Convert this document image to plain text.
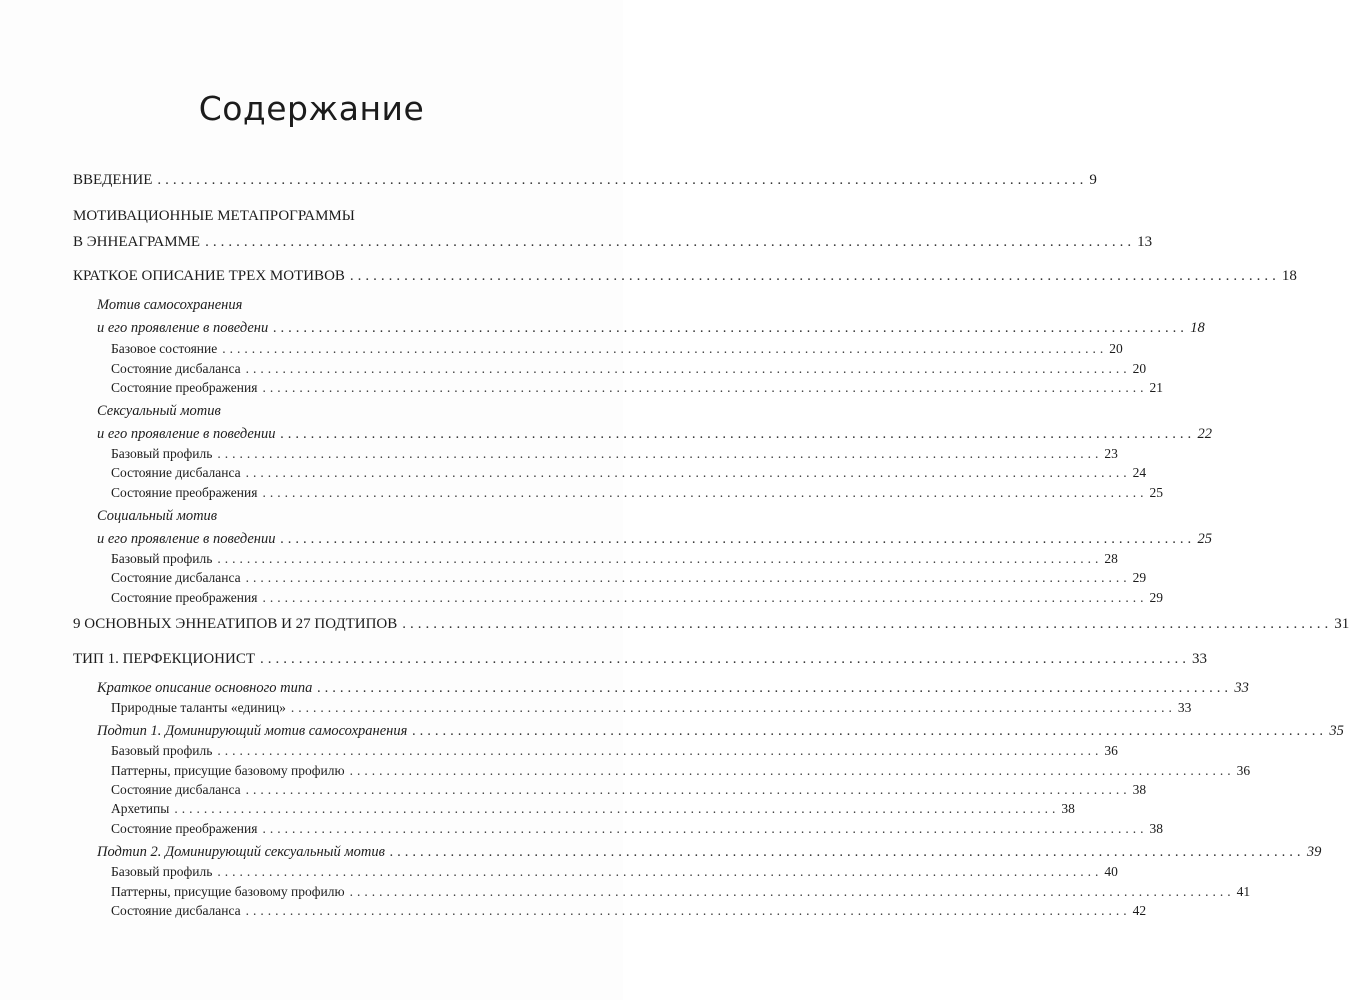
Содержание
ВВЕДЕНИЕ ........................................................................................................................ 9
МОТИВАЦИОННЫЕ МЕТАПРОГРАММЫ
В ЭННЕАГРАММЕ ........................................................................................................................ 13
КРАТКОЕ ОПИСАНИЕ ТРЕХ МОТИВОВ ........................................................................................................................ 18
Мотив самосохранения
и его проявление в поведени ........................................................................................................................ 18
Базовое состояние ........................................................................................................................ 20
Состояние дисбаланса ........................................................................................................................ 20
Состояние преображения ........................................................................................................................ 21
Сексуальный мотив
и его проявление в поведении ........................................................................................................................ 22
Базовый профиль ........................................................................................................................ 23
Состояние дисбаланса ........................................................................................................................ 24
Состояние преображения ........................................................................................................................ 25
Социальный мотив
и его проявление в поведении ........................................................................................................................ 25
Базовый профиль ........................................................................................................................ 28
Состояние дисбаланса ........................................................................................................................ 29
Состояние преображения ........................................................................................................................ 29
9 ОСНОВНЫХ ЭННЕАТИПОВ И 27 ПОДТИПОВ ........................................................................................................................ 31
ТИП 1. ПЕРФЕКЦИОНИСТ ........................................................................................................................ 33
Краткое описание основного типа ........................................................................................................................ 33
Природные таланты «единиц» ........................................................................................................................ 33
Подтип 1. Доминирующий мотив самосохранения ........................................................................................................................ 35
Базовый профиль ........................................................................................................................ 36
Паттерны, присущие базовому профилю ........................................................................................................................ 36
Состояние дисбаланса ........................................................................................................................ 38
Архетипы ........................................................................................................................ 38
Состояние преображения ........................................................................................................................ 38
Подтип 2. Доминирующий сексуальный мотив ........................................................................................................................ 39
Базовый профиль ........................................................................................................................ 40
Паттерны, присущие базовому профилю ........................................................................................................................ 41
Состояние дисбаланса ........................................................................................................................ 42
